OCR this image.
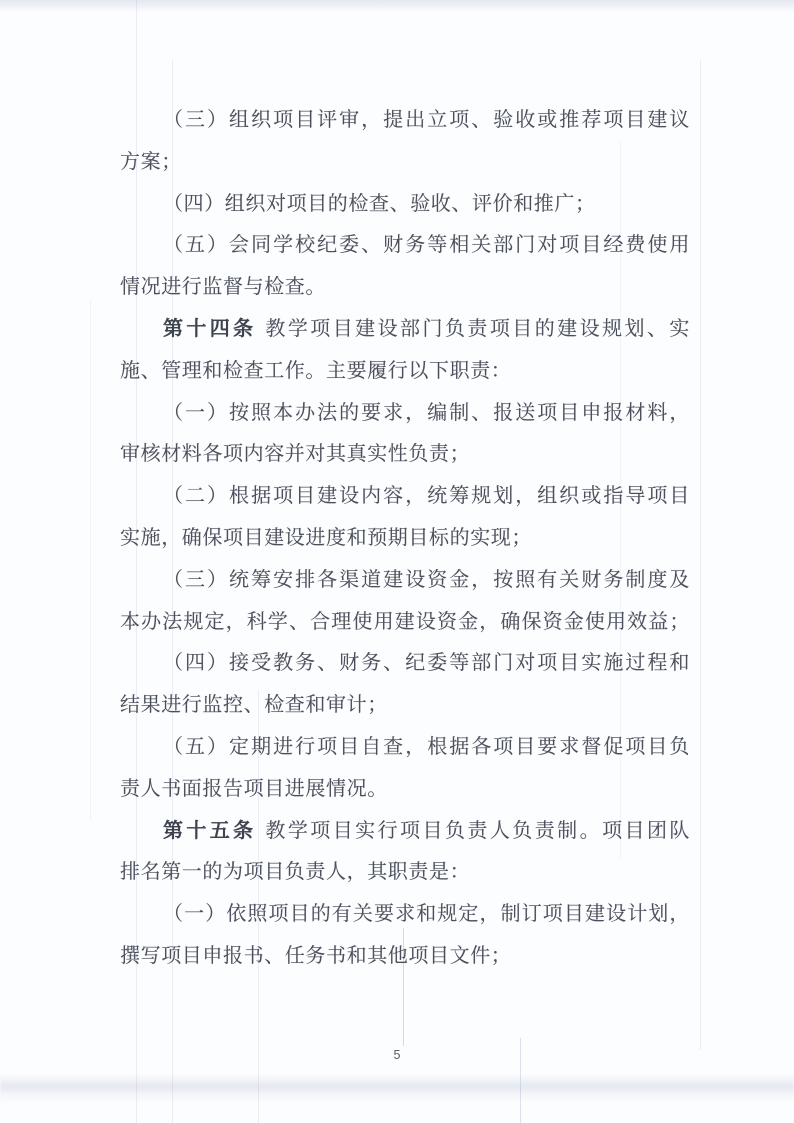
（三）组织项目评审，提出立项、验收或推荐项目建议
方案；
（四）组织对项目的检查、验收、评价和推广；
（五）会同学校纪委、财务等相关部门对项目经费使用
情况进行监督与检查。
第十四条 教学项目建设部门负责项目的建设规划、实
施、管理和检查工作。主要履行以下职责：
（一）按照本办法的要求，编制、报送项目申报材料，
审核材料各项内容并对其真实性负责；
（二）根据项目建设内容，统筹规划，组织或指导项目
实施，确保项目建设进度和预期目标的实现；
（三）统筹安排各渠道建设资金，按照有关财务制度及
本办法规定，科学、合理使用建设资金，确保资金使用效益；
（四）接受教务、财务、纪委等部门对项目实施过程和
结果进行监控、检查和审计；
（五）定期进行项目自查，根据各项目要求督促项目负
责人书面报告项目进展情况。
第十五条 教学项目实行项目负责人负责制。项目团队
排名第一的为项目负责人，其职责是：
（一）依照项目的有关要求和规定，制订项目建设计划，
撰写项目申报书、任务书和其他项目文件；
5
